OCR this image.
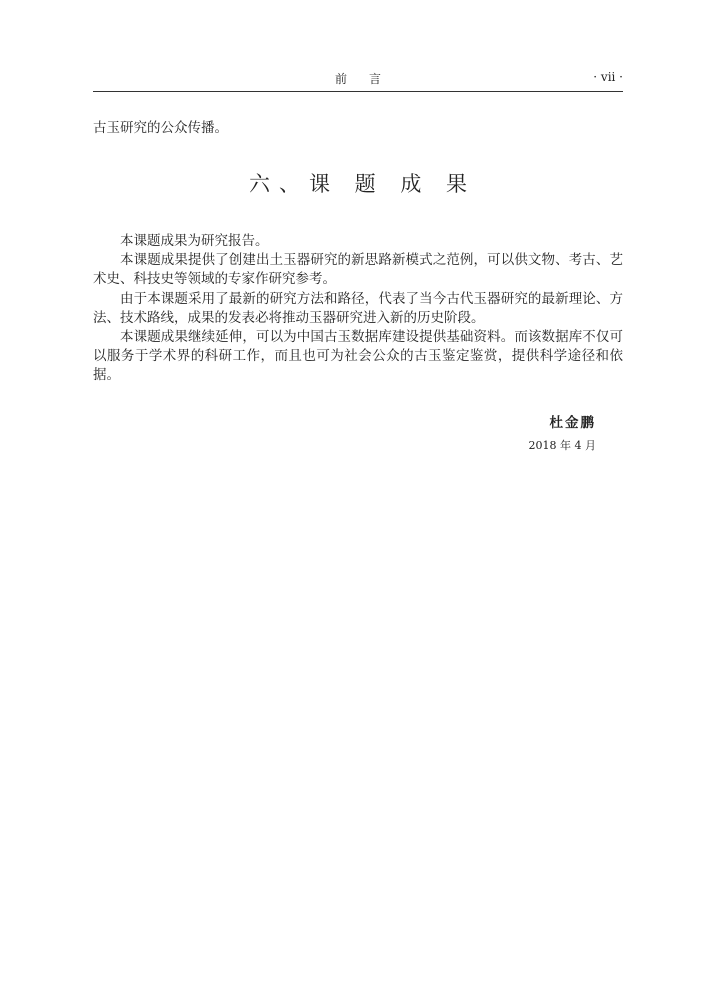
前言	· vii ·
古玉研究的公众传播。
六、课 题 成 果

本课题成果为研究报告。

本课题成果提供了创建出土玉器研究的新思路新模式之范例，可以供文物、考古、艺术史、科技史等领域的专家作研究参考。

由于本课题采用了最新的研究方法和路径，代表了当今古代玉器研究的最新理论、方法、技术路线，成果的发表必将推动玉器研究进入新的历史阶段。

本课题成果继续延伸，可以为中国古玉数据库建设提供基础资料。而该数据库不仅可以服务于学术界的科研工作，而且也可为社会公众的古玉鉴定鉴赏，提供科学途径和依据。

杜金鹏
2018 年 4 月
